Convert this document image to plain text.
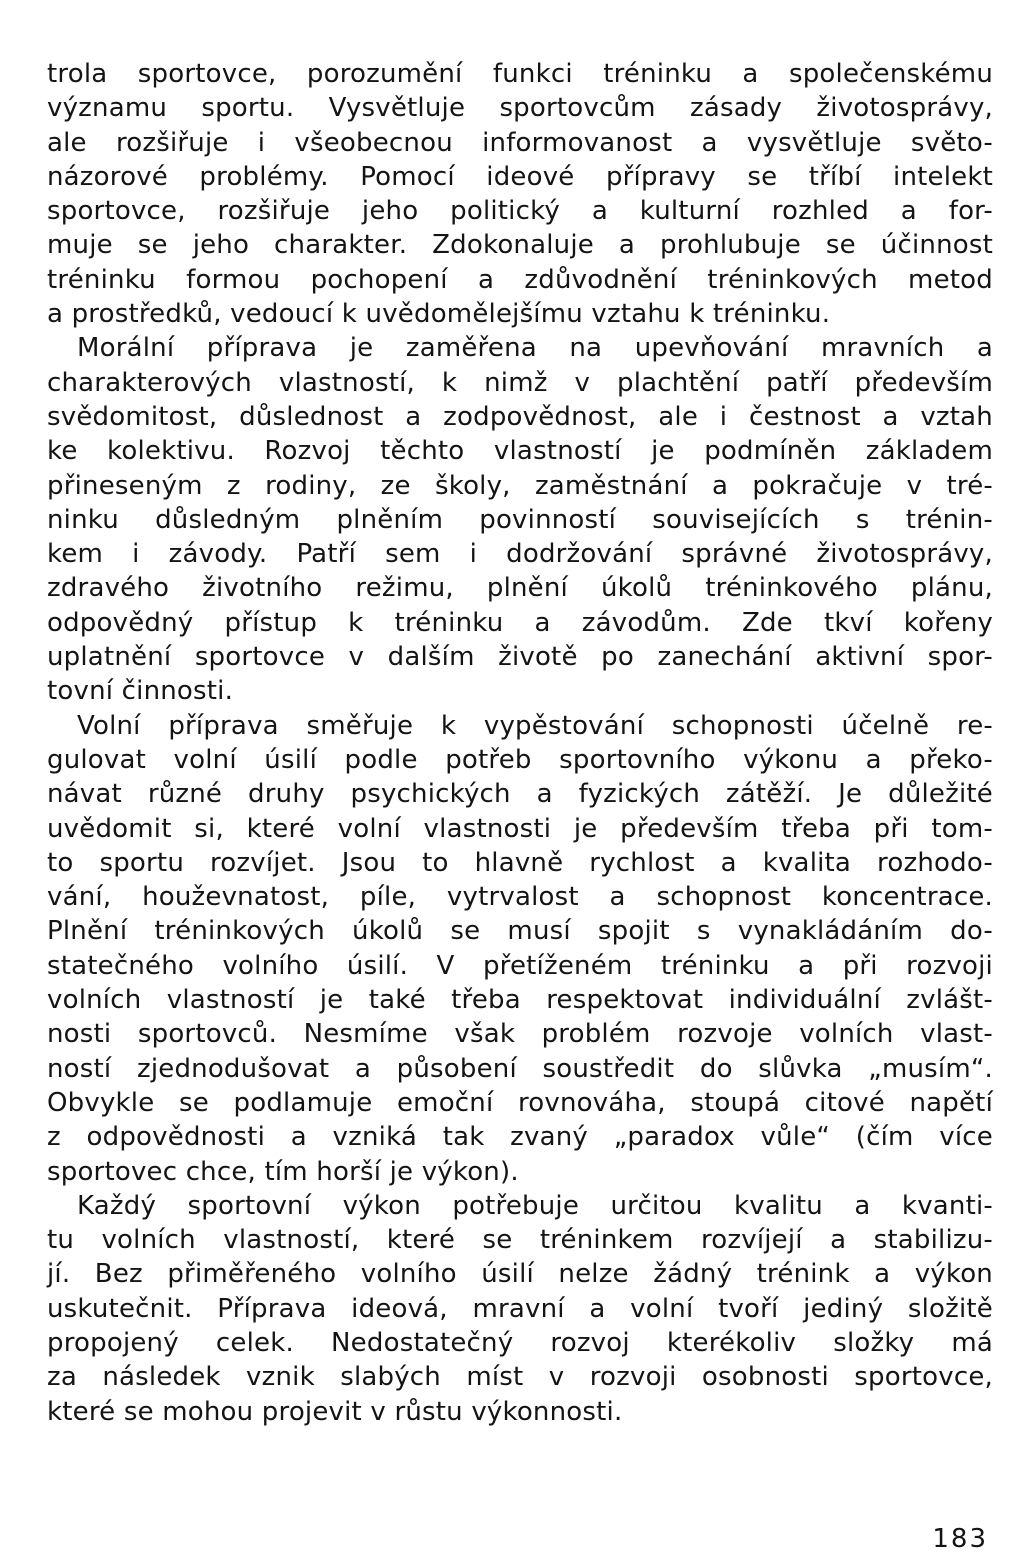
trola sportovce, porozumění funkci tréninku a společenskému
významu sportu. Vysvětluje sportovcům zásady životosprávy,
ale rozšiřuje i všeobecnou informovanost a vysvětluje světo-
názorové problémy. Pomocí ideové přípravy se tříbí intelekt
sportovce, rozšiřuje jeho politický a kulturní rozhled a for-
muje se jeho charakter. Zdokonaluje a prohlubuje se účinnost
tréninku formou pochopení a zdůvodnění tréninkových metod
a prostředků, vedoucí k uvědomělejšímu vztahu k tréninku.
Morální příprava je zaměřena na upevňování mravních a
charakterových vlastností, k nimž v plachtění patří především
svědomitost, důslednost a zodpovědnost, ale i čestnost a vztah
ke kolektivu. Rozvoj těchto vlastností je podmíněn základem
přineseným z rodiny, ze školy, zaměstnání a pokračuje v tré-
ninku důsledným plněním povinností souvisejících s trénin-
kem i závody. Patří sem i dodržování správné životosprávy,
zdravého životního režimu, plnění úkolů tréninkového plánu,
odpovědný přístup k tréninku a závodům. Zde tkví kořeny
uplatnění sportovce v dalším životě po zanechání aktivní spor-
tovní činnosti.
Volní příprava směřuje k vypěstování schopnosti účelně re-
gulovat volní úsilí podle potřeb sportovního výkonu a překo-
návat různé druhy psychických a fyzických zátěží. Je důležité
uvědomit si, které volní vlastnosti je především třeba při tom-
to sportu rozvíjet. Jsou to hlavně rychlost a kvalita rozhodo-
vání, houževnatost, píle, vytrvalost a schopnost koncentrace.
Plnění tréninkových úkolů se musí spojit s vynakládáním do-
statečného volního úsilí. V přetíženém tréninku a při rozvoji
volních vlastností je také třeba respektovat individuální zvlášt-
nosti sportovců. Nesmíme však problém rozvoje volních vlast-
ností zjednodušovat a působení soustředit do slůvka „musím“.
Obvykle se podlamuje emoční rovnováha, stoupá citové napětí
z odpovědnosti a vzniká tak zvaný „paradox vůle“ (čím více
sportovec chce, tím horší je výkon).
Každý sportovní výkon potřebuje určitou kvalitu a kvanti-
tu volních vlastností, které se tréninkem rozvíjejí a stabilizu-
jí. Bez přiměřeného volního úsilí nelze žádný trénink a výkon
uskutečnit. Příprava ideová, mravní a volní tvoří jediný složitě
propojený celek. Nedostatečný rozvoj kterékoliv složky má
za následek vznik slabých míst v rozvoji osobnosti sportovce,
které se mohou projevit v růstu výkonnosti.
183
